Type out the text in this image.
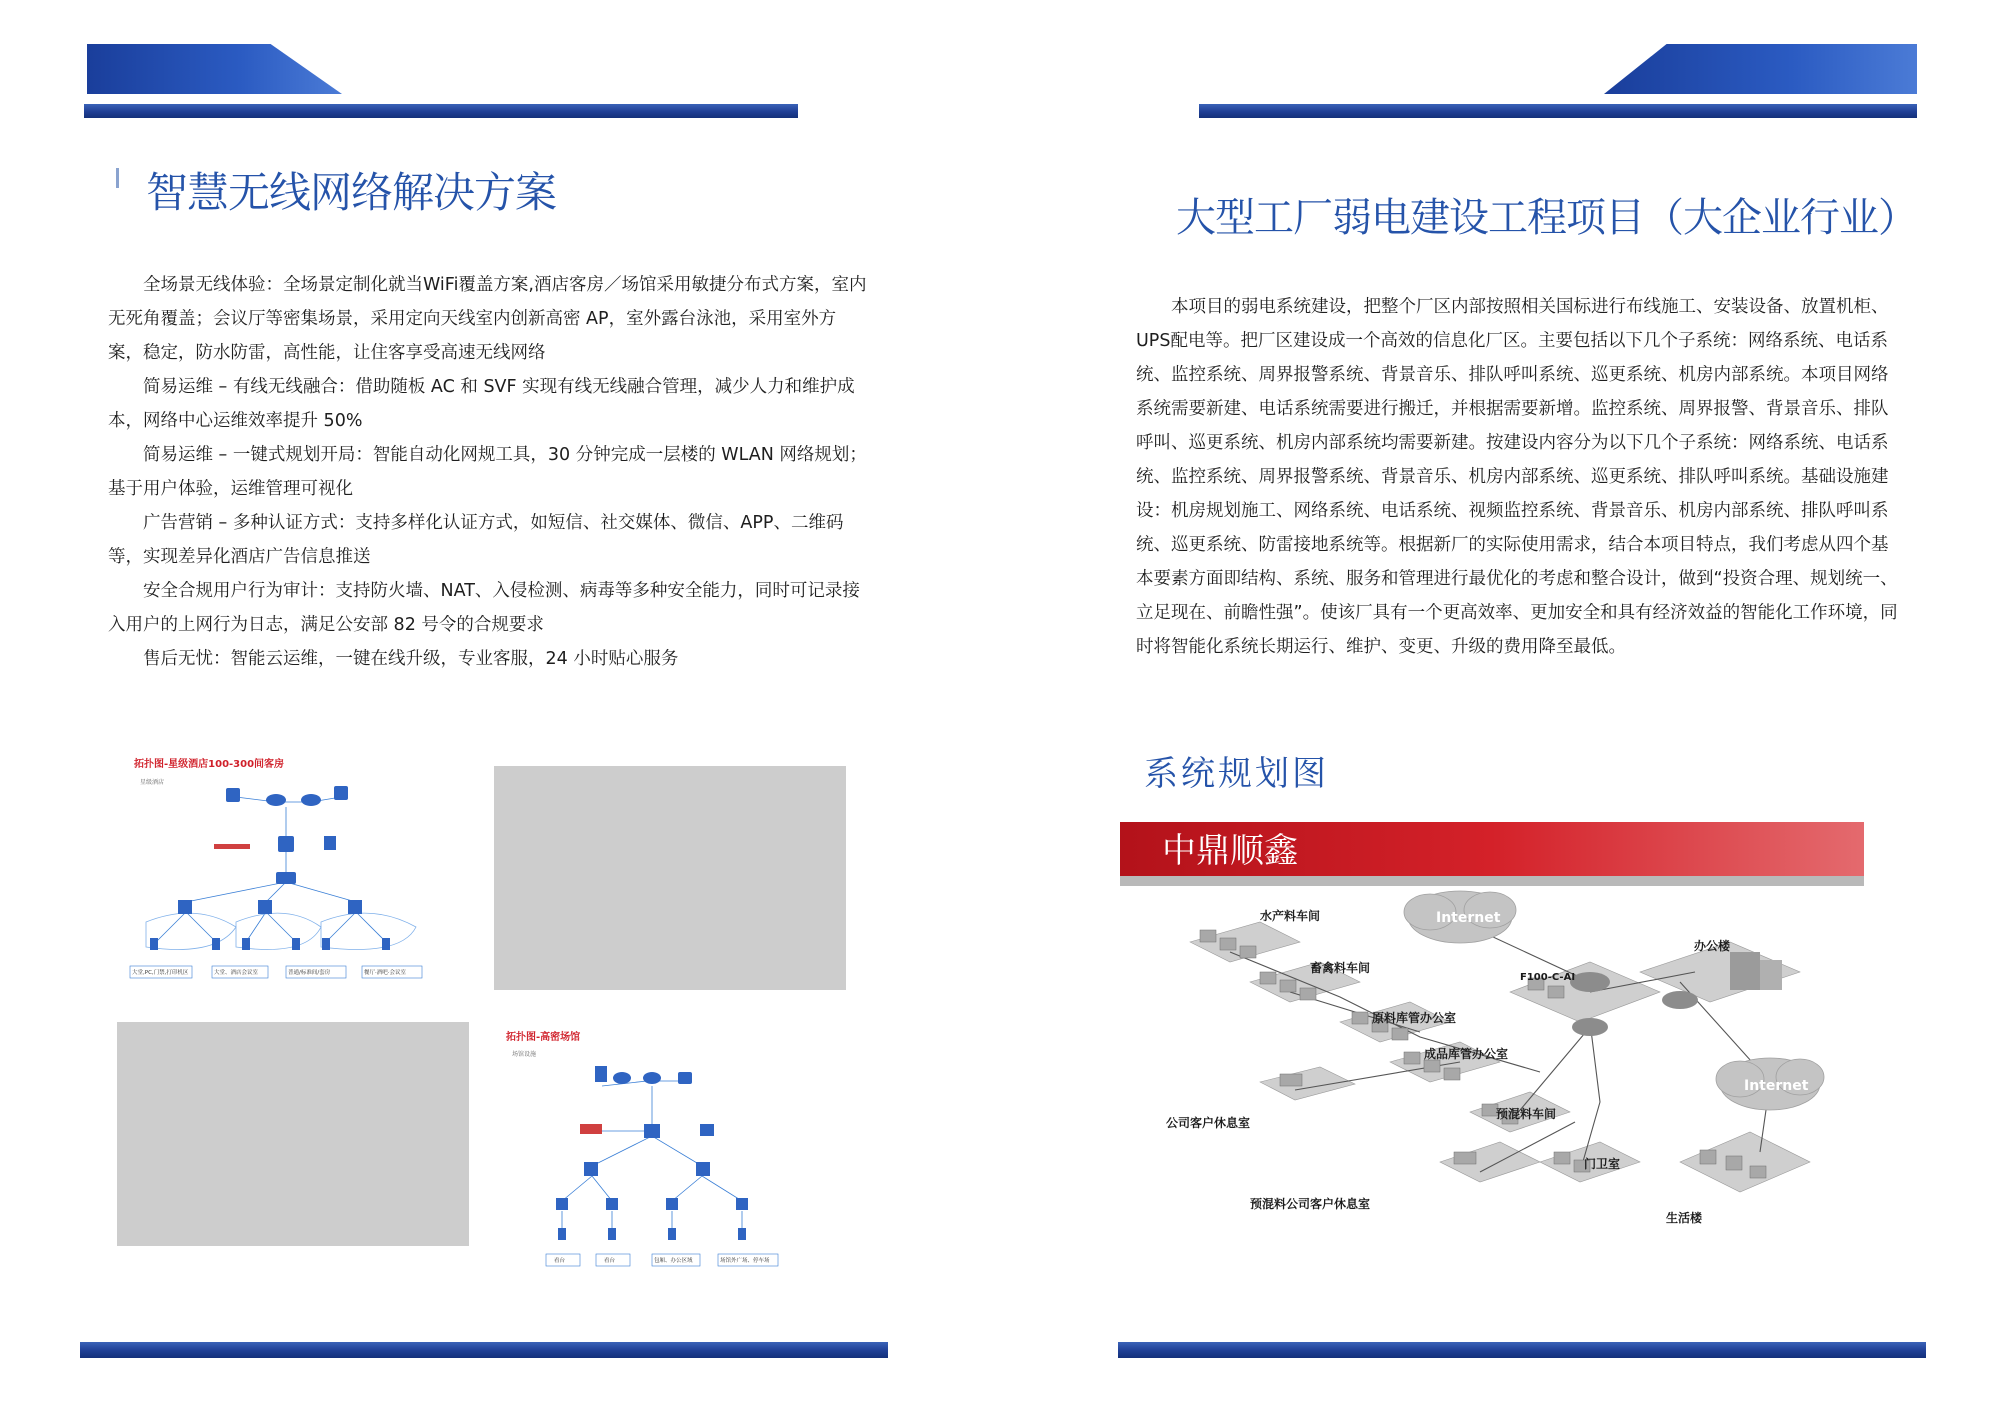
智慧无线网络解决方案

全场景无线体验：全场景定制化就当WiFi覆盖方案,酒店客房／场馆采用敏捷分布式方案，室内无死角覆盖；会议厅等密集场景，采用定向天线室内创新高密 AP，室外露台泳池，采用室外方案，稳定，防水防雷，高性能，让住客享受高速无线网络

简易运维 – 有线无线融合：借助随板 AC 和 SVF 实现有线无线融合管理，减少人力和维护成本，网络中心运维效率提升 50%

简易运维 – 一键式规划开局：智能自动化网规工具，30 分钟完成一层楼的 WLAN 网络规划；基于用户体验，运维管理可视化

广告营销 – 多种认证方式：支持多样化认证方式，如短信、社交媒体、微信、APP、二维码等，实现差异化酒店广告信息推送

安全合规用户行为审计：支持防火墙、NAT、入侵检测、病毒等多种安全能力，同时可记录接入用户的上网行为日志，满足公安部 82 号令的合规要求

售后无忧：智能云运维，一键在线升级，专业客服，24 小时贴心服务

拓扑图-星级酒店100-300间客房
星级酒店
大堂,PC,门禁,打印机区	大堂、酒店会议室	普通/标准间/套房	餐厅·酒吧·会议室
拓扑图-高密场馆
场馆设施
看台	看台	包厢、办公区域	场馆外广场、停车场
大型工厂弱电建设工程项目（大企业行业）

本项目的弱电系统建设，把整个厂区内部按照相关国标进行布线施工、安装设备、放置机柜、UPS配电等。把厂区建设成一个高效的信息化厂区。主要包括以下几个子系统：网络系统、电话系统、监控系统、周界报警系统、背景音乐、排队呼叫系统、巡更系统、机房内部系统。本项目网络系统需要新建、电话系统需要进行搬迁，并根据需要新增。监控系统、周界报警、背景音乐、排队呼叫、巡更系统、机房内部系统均需要新建。按建设内容分为以下几个子系统：网络系统、电话系统、监控系统、周界报警系统、背景音乐、机房内部系统、巡更系统、排队呼叫系统。基础设施建设：机房规划施工、网络系统、电话系统、视频监控系统、背景音乐、机房内部系统、排队呼叫系统、巡更系统、防雷接地系统等。根据新厂的实际使用需求，结合本项目特点，我们考虑从四个基本要素方面即结构、系统、服务和管理进行最优化的考虑和整合设计，做到“投资合理、规划统一、立足现在、前瞻性强”。使该厂具有一个更高效率、更加安全和具有经济效益的智能化工作环境，同时将智能化系统长期运行、维护、变更、升级的费用降至最低。

系统规划图
中鼎顺鑫
Internet
Internet
水产料车间
畜禽料车间
原料库管办公室
成品库管办公室
公司客户休息室
预混料车间
门卫室
预混料公司客户休息室
办公楼
生活楼
F100-C-AI
